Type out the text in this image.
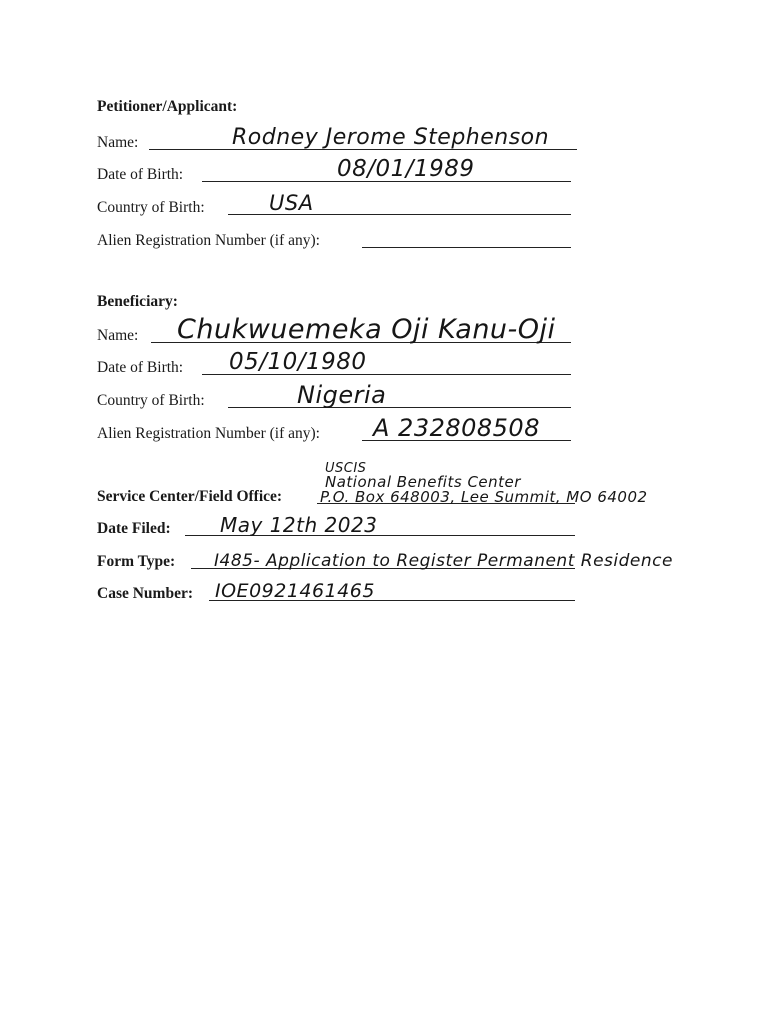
Petitioner/Applicant:
Name:	Rodney Jerome Stephenson
Date of Birth:	08/01/1989
Country of Birth:	USA
Alien Registration Number (if any):
Beneficiary:
Name: Chukwuemeka Oji Kanu-Oji
Date of Birth: 05/10/1980
Country of Birth:	Nigeria
Alien Registration Number (if any): A 232808508
Service Center/Field Office:
USCIS
National Benefits Center
P.O. Box 648003, Lee Summit, MO 64002
Date Filed: May 12th 2023
Form Type: I485- Application to Register Permanent Residence
Case Number: IOE0921461465
